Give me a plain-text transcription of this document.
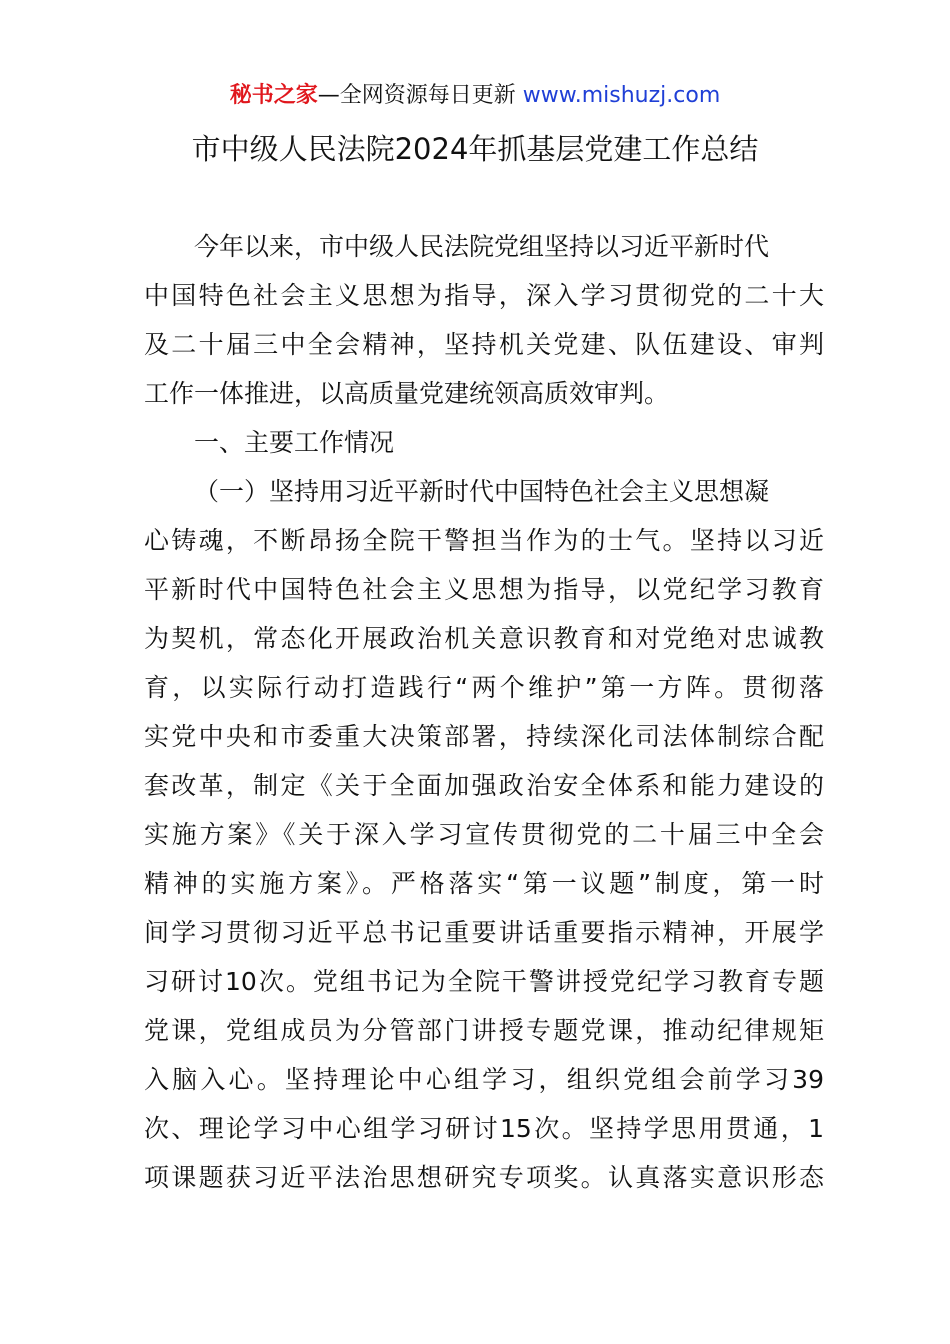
秘书之家—全网资源每日更新 www.mishuzj.com
市中级人民法院2024年抓基层党建工作总结
今年以来，市中级人民法院党组坚持以习近平新时代
中国特色社会主义思想为指导，深入学习贯彻党的二十大
及二十届三中全会精神，坚持机关党建、队伍建设、审判
工作一体推进，以高质量党建统领高质效审判。
一、主要工作情况
（一）坚持用习近平新时代中国特色社会主义思想凝
心铸魂，不断昂扬全院干警担当作为的士气。坚持以习近
平新时代中国特色社会主义思想为指导，以党纪学习教育
为契机，常态化开展政治机关意识教育和对党绝对忠诚教
育，以实际行动打造践行“两个维护”第一方阵。贯彻落
实党中央和市委重大决策部署，持续深化司法体制综合配
套改革，制定《关于全面加强政治安全体系和能力建设的
实施方案》《关于深入学习宣传贯彻党的二十届三中全会
精神的实施方案》。严格落实“第一议题”制度，第一时
间学习贯彻习近平总书记重要讲话重要指示精神，开展学
习研讨10次。党组书记为全院干警讲授党纪学习教育专题
党课，党组成员为分管部门讲授专题党课，推动纪律规矩
入脑入心。坚持理论中心组学习，组织党组会前学习39
次、理论学习中心组学习研讨15次。坚持学思用贯通，1
项课题获习近平法治思想研究专项奖。认真落实意识形态
